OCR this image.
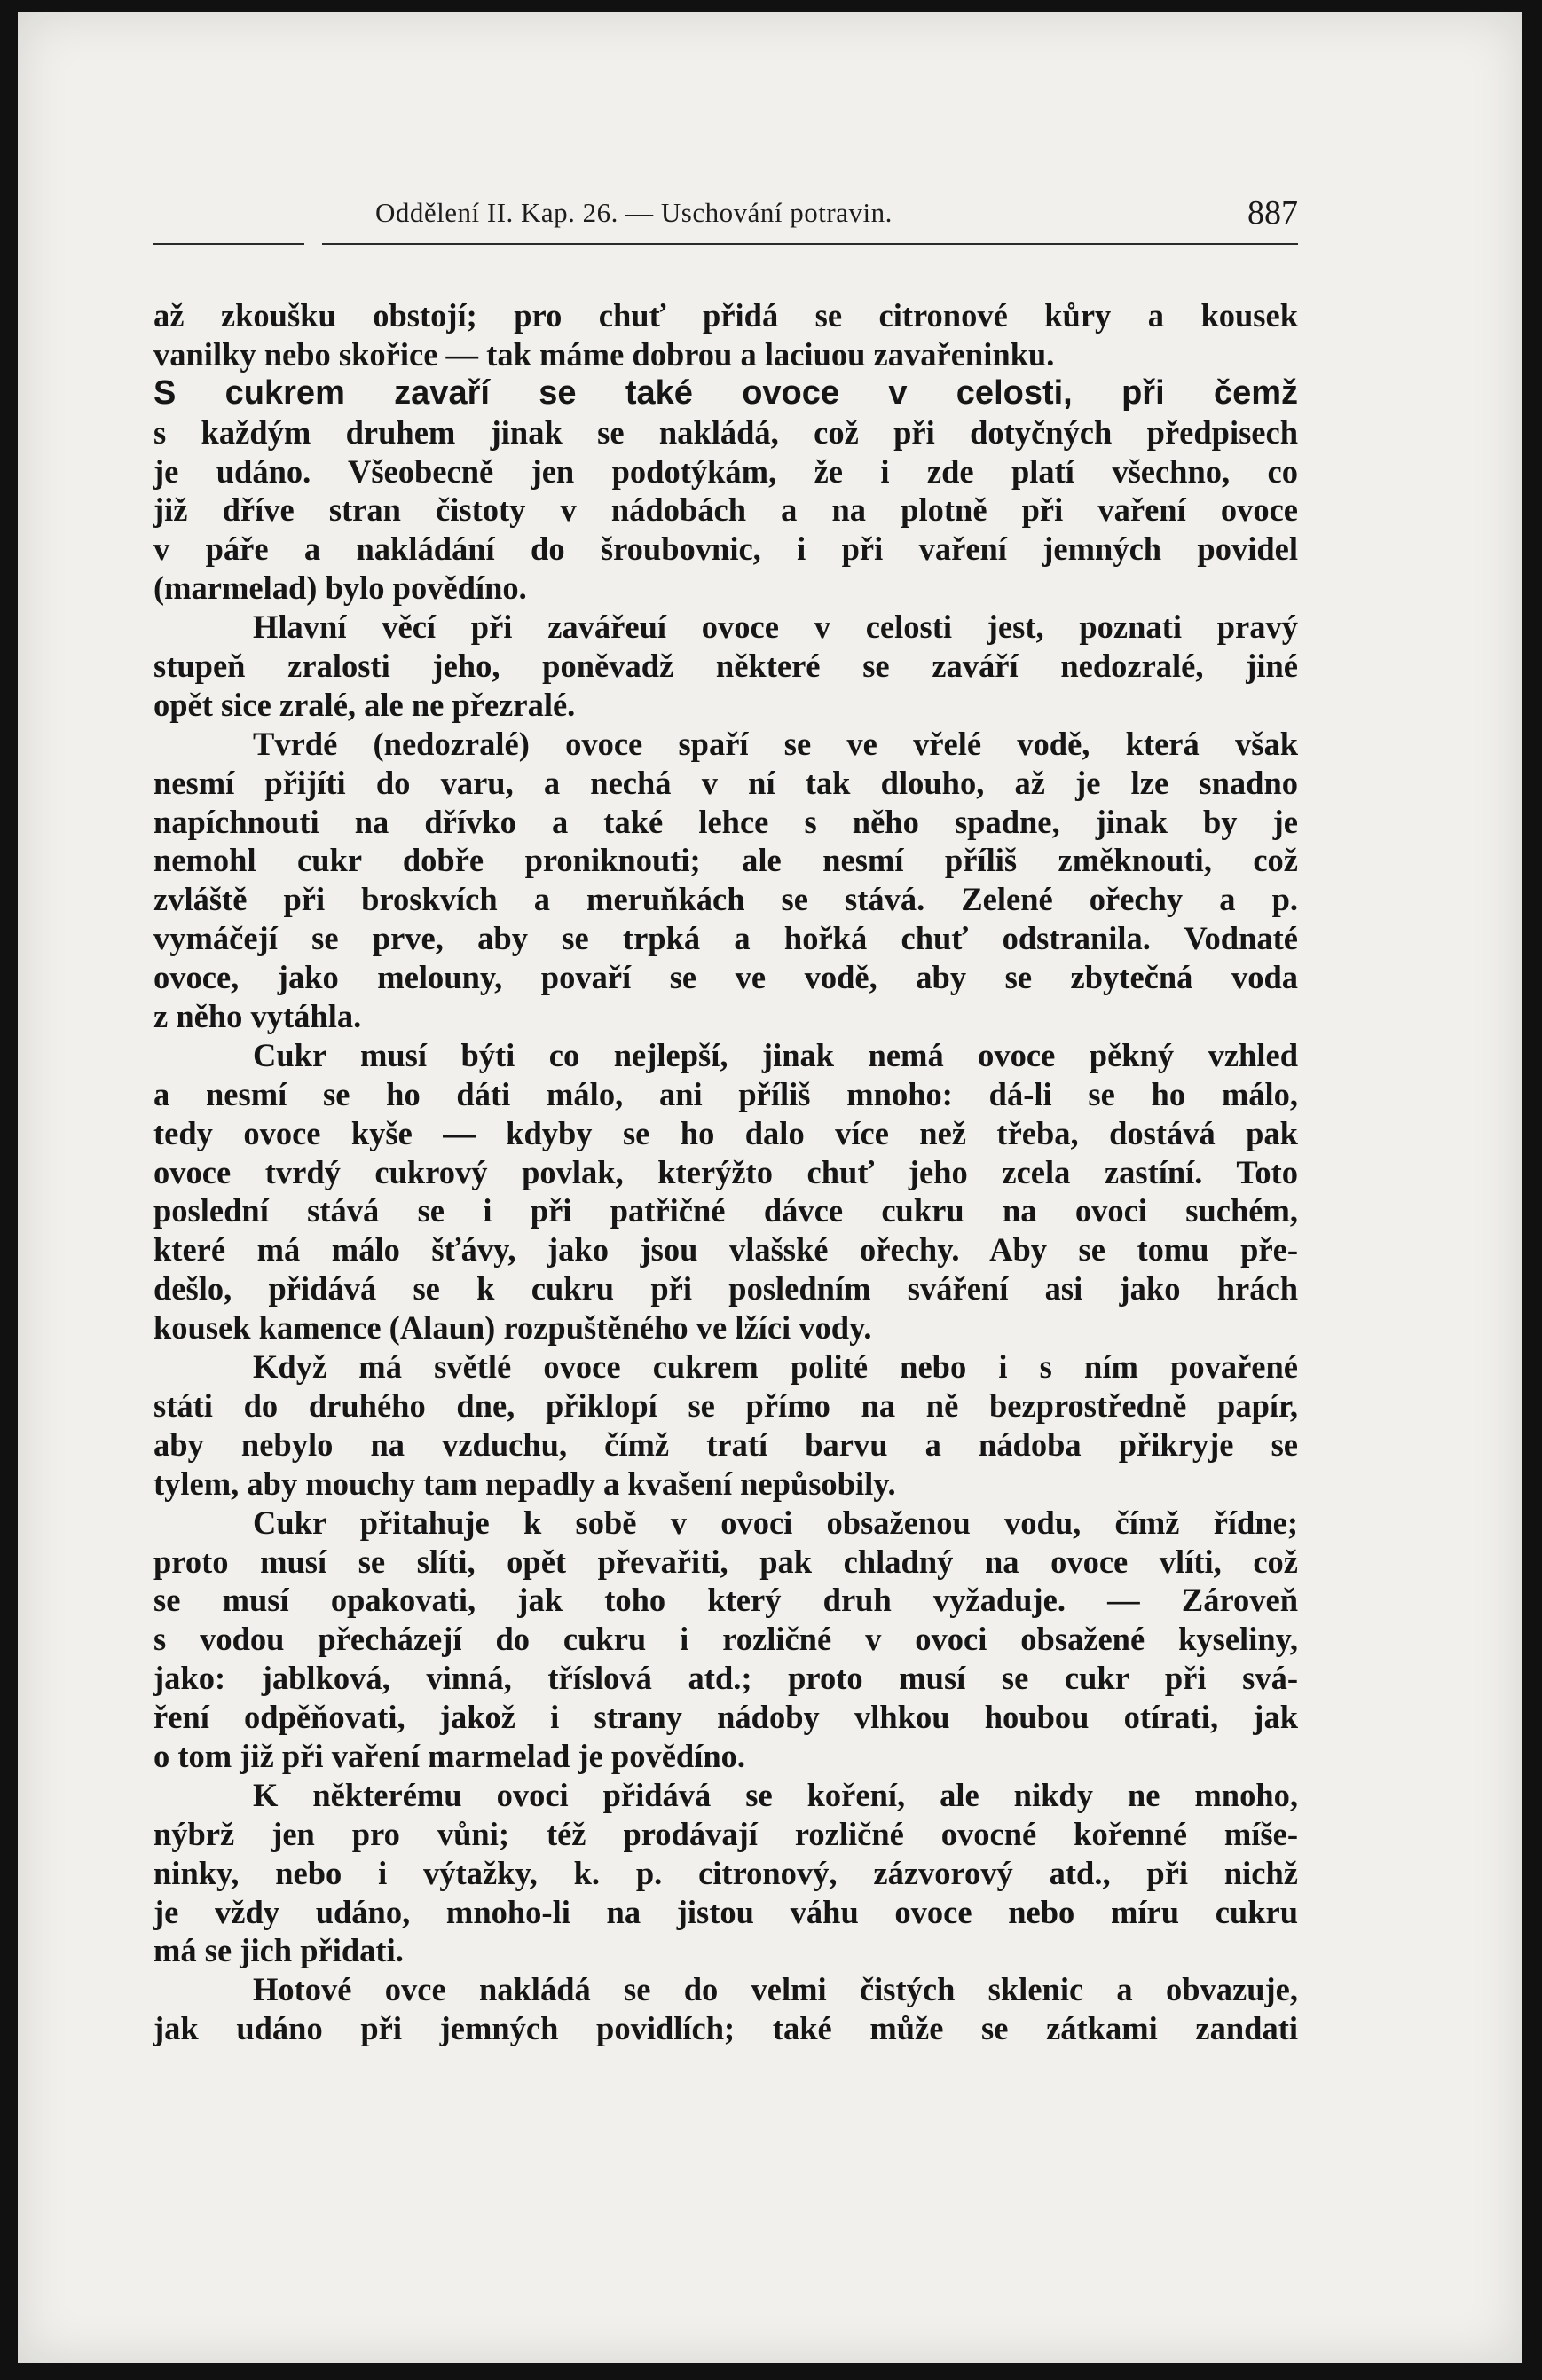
Oddělení II. Kap. 26. — Uschování potravin.	887
až zkoušku obstojí; pro chuť přidá se citronové kůry a kousek
vanilky nebo skořice — tak máme dobrou a laciuou zavařeninku.
S cukrem zavaří se také ovoce v celosti, při čemž
s každým druhem jinak se nakládá, což při dotyčných předpisech
je udáno. Všeobecně jen podotýkám, že i zde platí všechno, co
již dříve stran čistoty v nádobách a na plotně při vaření ovoce
v páře a nakládání do šroubovnic, i při vaření jemných povidel
(marmelad) bylo povědíno.
Hlavní věcí při zavářeuí ovoce v celosti jest, poznati pravý
stupeň zralosti jeho, poněvadž některé se zaváří nedozralé, jiné
opět sice zralé, ale ne přezralé.
Tvrdé (nedozralé) ovoce spaří se ve vřelé vodě, která však
nesmí přijíti do varu, a nechá v ní tak dlouho, až je lze snadno
napíchnouti na dřívko a také lehce s něho spadne, jinak by je
nemohl cukr dobře proniknouti; ale nesmí příliš změknouti, což
zvláště při broskvích a meruňkách se stává. Zelené ořechy a p.
vymáčejí se prve, aby se trpká a hořká chuť odstranila. Vodnaté
ovoce, jako melouny, povaří se ve vodě, aby se zbytečná voda
z něho vytáhla.
Cukr musí býti co nejlepší, jinak nemá ovoce pěkný vzhled
a nesmí se ho dáti málo, ani příliš mnoho: dá-li se ho málo,
tedy ovoce kyše — kdyby se ho dalo více než třeba, dostává pak
ovoce tvrdý cukrový povlak, kterýžto chuť jeho zcela zastíní. Toto
poslední stává se i při patřičné dávce cukru na ovoci suchém,
které má málo šťávy, jako jsou vlašské ořechy. Aby se tomu pře-
dešlo, přidává se k cukru při posledním sváření asi jako hrách
kousek kamence (Alaun) rozpuštěného ve lžíci vody.
Když má světlé ovoce cukrem polité nebo i s ním povařené
státi do druhého dne, přiklopí se přímo na ně bezprostředně papír,
aby nebylo na vzduchu, čímž tratí barvu a nádoba přikryje se
tylem, aby mouchy tam nepadly a kvašení nepůsobily.
Cukr přitahuje k sobě v ovoci obsaženou vodu, čímž řídne;
proto musí se slíti, opět převařiti, pak chladný na ovoce vlíti, což
se musí opakovati, jak toho který druh vyžaduje. — Zároveň
s vodou přecházejí do cukru i rozličné v ovoci obsažené kyseliny,
jako: jablková, vinná, tříslová atd.; proto musí se cukr při svá-
ření odpěňovati, jakož i strany nádoby vlhkou houbou otírati, jak
o tom již při vaření marmelad je povědíno.
K některému ovoci přidává se koření, ale nikdy ne mnoho,
nýbrž jen pro vůni; též prodávají rozličné ovocné kořenné míše-
ninky, nebo i výtažky, k. p. citronový, zázvorový atd., při nichž
je vždy udáno, mnoho-li na jistou váhu ovoce nebo míru cukru
má se jich přidati.
Hotové ovce nakládá se do velmi čistých sklenic a obvazuje,
jak udáno při jemných povidlích; také může se zátkami zandati
